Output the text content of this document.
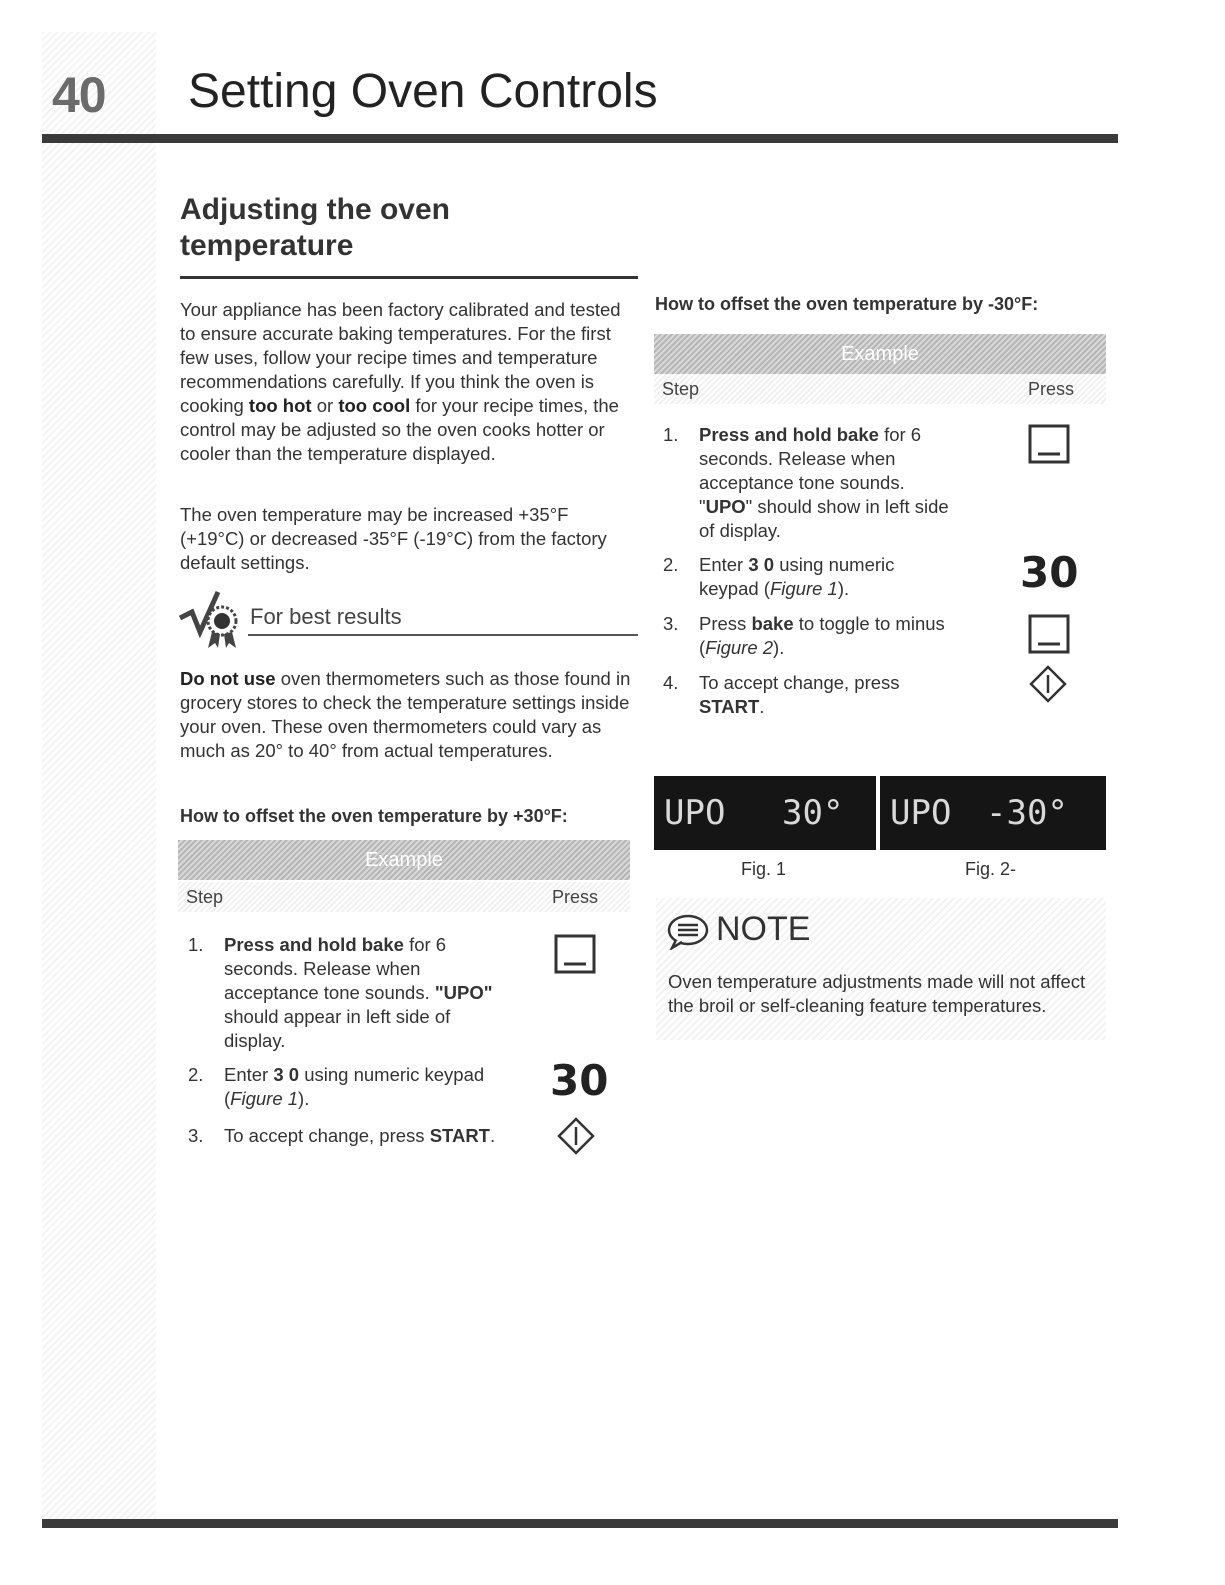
40 Setting Oven Controls
Adjusting the oven
temperature

Your appliance has been factory calibrated and tested to ensure accurate baking temperatures. For the first few uses, follow your recipe times and temperature recommendations carefully. If you think the oven is cooking too hot or too cool for your recipe times, the control may be adjusted so the oven cooks hotter or cooler than the temperature displayed.

The oven temperature may be increased +35°F (+19°C) or decreased -35°F (-19°C) from the factory default settings.

For best results

Do not use oven thermometers such as those found in grocery stores to check the temperature settings inside your oven. These oven thermometers could vary as much as 20° to 40° from actual temperatures.

How to offset the oven temperature by +30°F:
Example
Step	Press
1. Press and hold bake for 6
seconds. Release when
acceptance tone sounds. "UPO"
should appear in left side of
display.
2. Enter 3 0 using numeric keypad
(Figure 1).	30
3. To accept change, press START.
How to offset the oven temperature by -30°F:
Example
Step	Press
1. Press and hold bake for 6
seconds. Release when
acceptance tone sounds.
"UPO" should show in left side
of display.
2. Enter 3 0 using numeric
keypad (Figure 1).	30
3. Press bake to toggle to minus
(Figure 2).
4. To accept change, press
START.
UPO 30° UPO -30°
Fig. 1	Fig. 2-
NOTE

Oven temperature adjustments made will not affect the broil or self-cleaning feature temperatures.
